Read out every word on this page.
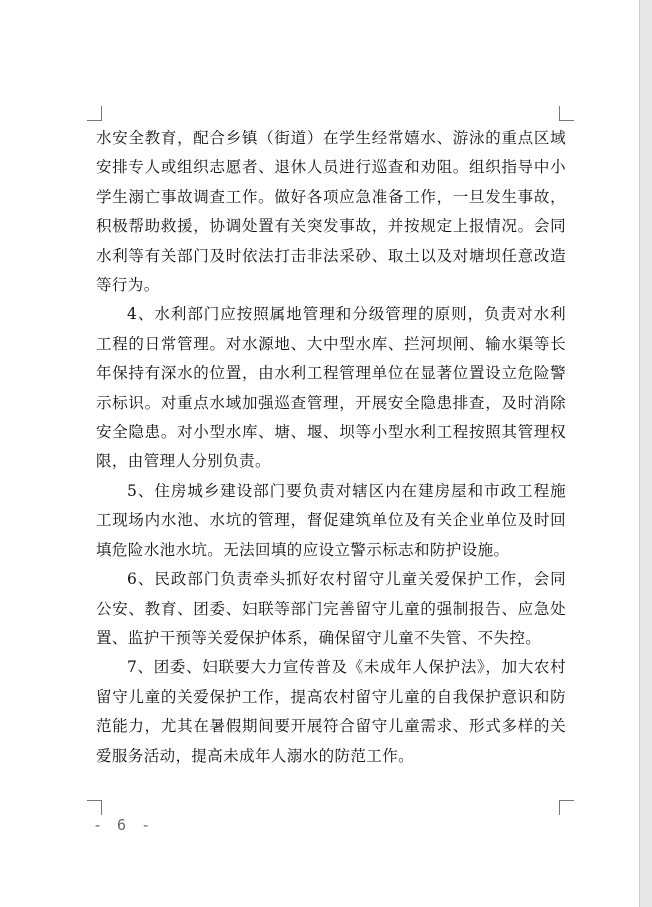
水安全教育，配合乡镇（街道）在学生经常嬉水、游泳的重点区域安排专人或组织志愿者、退休人员进行巡查和劝阻。组织指导中小学生溺亡事故调查工作。做好各项应急准备工作，一旦发生事故，积极帮助救援，协调处置有关突发事故，并按规定上报情况。会同水利等有关部门及时依法打击非法采砂、取土以及对塘坝任意改造等行为。

4、水利部门应按照属地管理和分级管理的原则，负责对水利工程的日常管理。对水源地、大中型水库、拦河坝闸、输水渠等长年保持有深水的位置，由水利工程管理单位在显著位置设立危险警示标识。对重点水域加强巡查管理，开展安全隐患排查，及时消除安全隐患。对小型水库、塘、堰、坝等小型水利工程按照其管理权限，由管理人分别负责。

5、住房城乡建设部门要负责对辖区内在建房屋和市政工程施工现场内水池、水坑的管理，督促建筑单位及有关企业单位及时回填危险水池水坑。无法回填的应设立警示标志和防护设施。

6、民政部门负责牵头抓好农村留守儿童关爱保护工作，会同公安、教育、团委、妇联等部门完善留守儿童的强制报告、应急处置、监护干预等关爱保护体系，确保留守儿童不失管、不失控。

7、团委、妇联要大力宣传普及《未成年人保护法》，加大农村留守儿童的关爱保护工作，提高农村留守儿童的自我保护意识和防范能力，尤其在暑假期间要开展符合留守儿童需求、形式多样的关爱服务活动，提高未成年人溺水的防范工作。

- 6 -
